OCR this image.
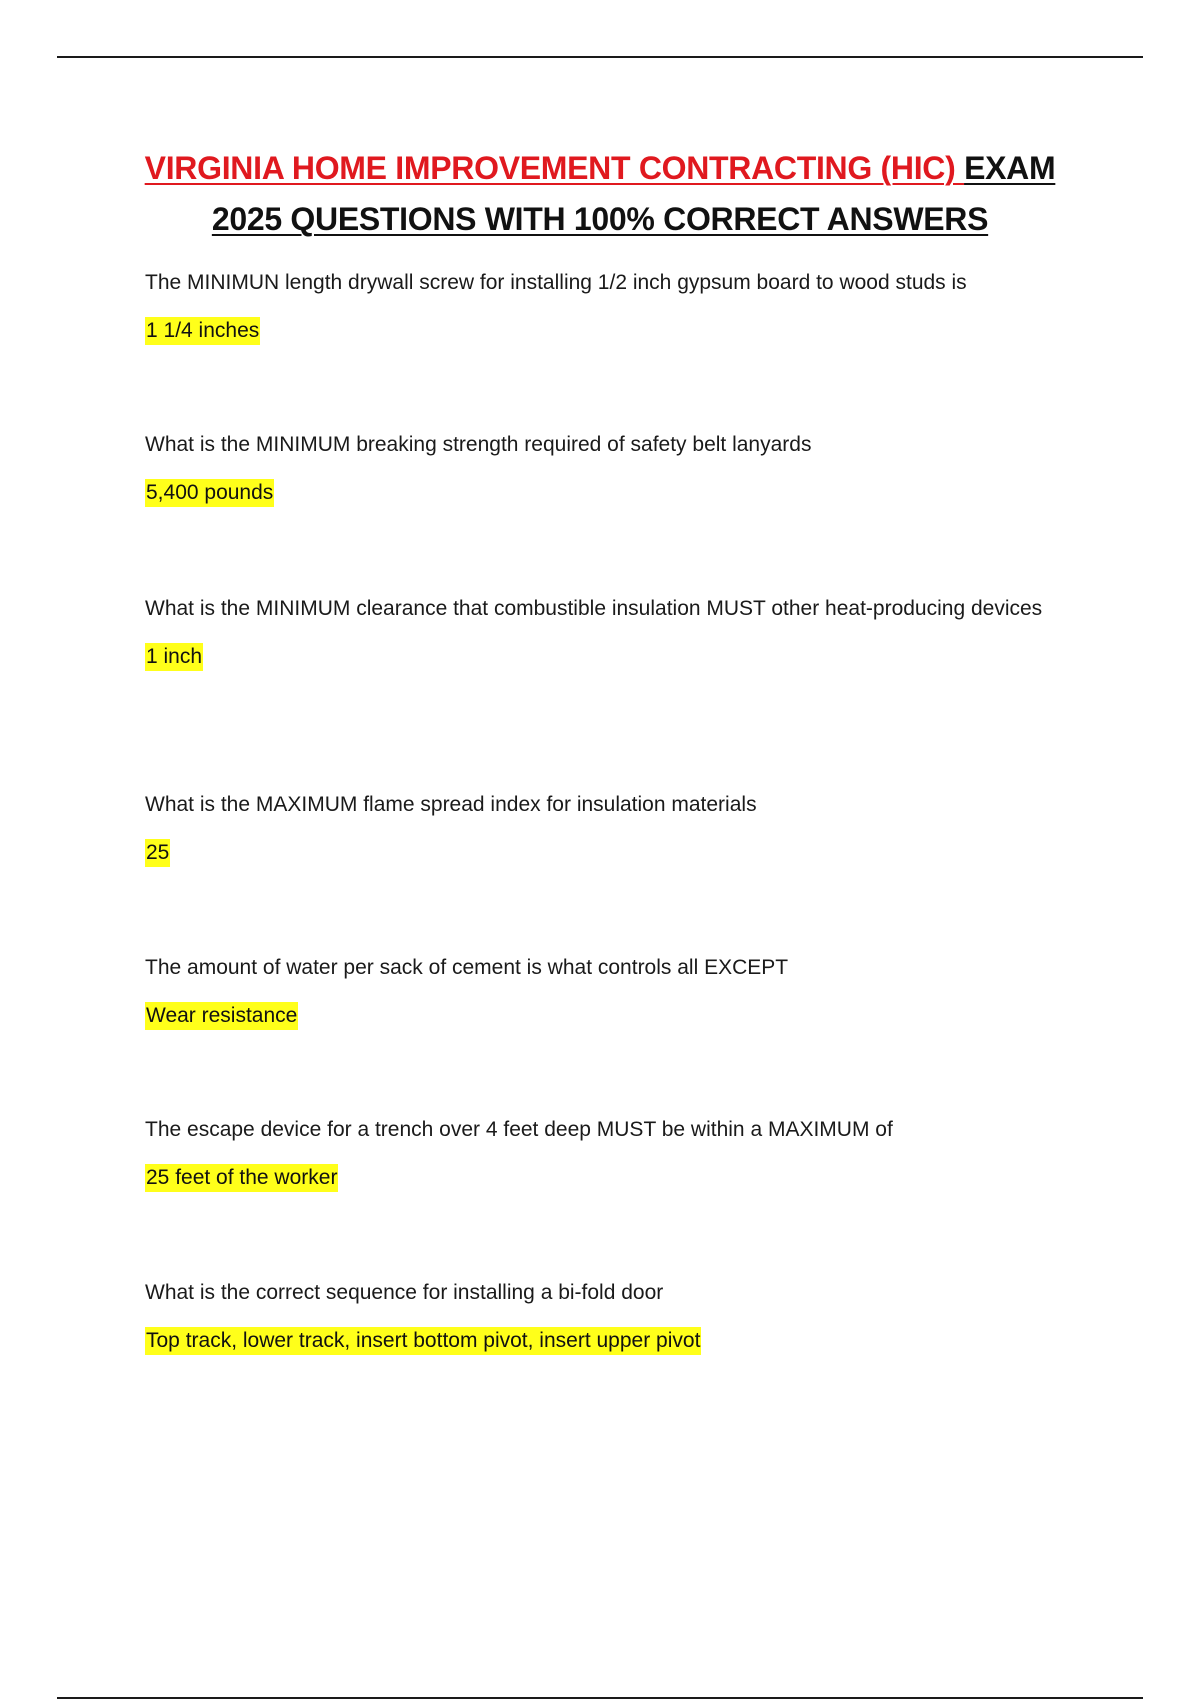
VIRGINIA HOME IMPROVEMENT CONTRACTING (HIC) EXAM
2025 QUESTIONS WITH 100% CORRECT ANSWERS

The MINIMUN length drywall screw for installing 1/2 inch gypsum board to wood studs is

1 1/4 inches

What is the MINIMUM breaking strength required of safety belt lanyards

5,400 pounds

What is the MINIMUM clearance that combustible insulation MUST other heat-producing devices

1 inch

What is the MAXIMUM flame spread index for insulation materials

25

The amount of water per sack of cement is what controls all EXCEPT

Wear resistance

The escape device for a trench over 4 feet deep MUST be within a MAXIMUM of

25 feet of the worker

What is the correct sequence for installing a bi-fold door

Top track, lower track, insert bottom pivot, insert upper pivot
